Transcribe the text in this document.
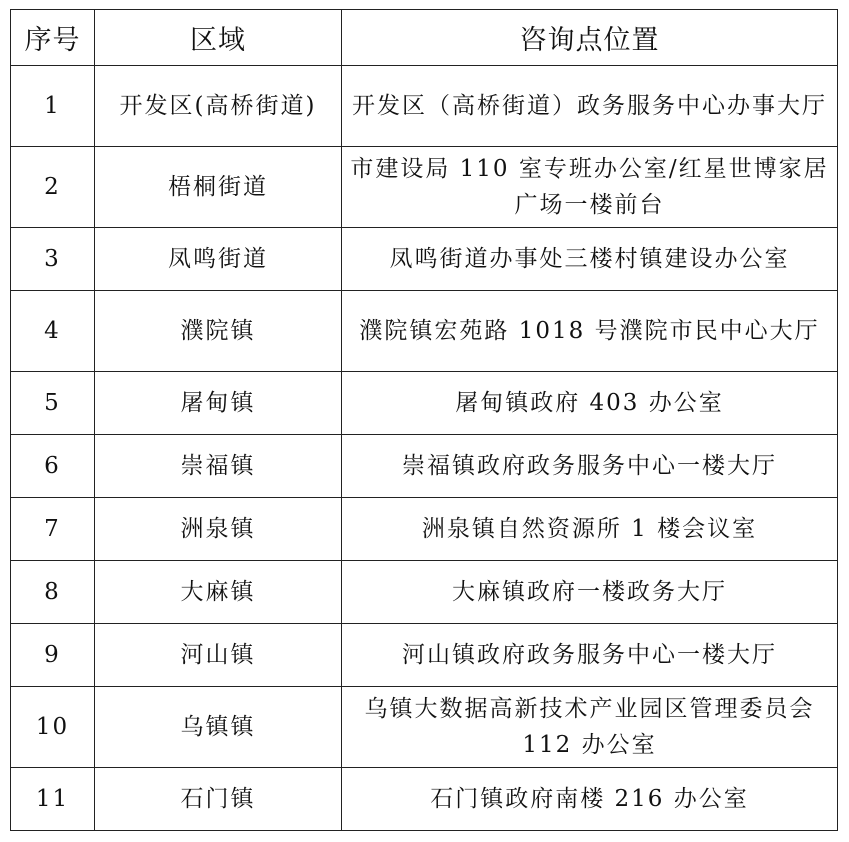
序号	区域	咨询点位置
1	开发区(高桥街道)	开发区（高桥街道）政务服务中心办事大厅
2	梧桐街道	市建设局 110 室专班办公室/红星世博家居广场一楼前台
3	凤鸣街道	凤鸣街道办事处三楼村镇建设办公室
4	濮院镇	濮院镇宏苑路 1018 号濮院市民中心大厅
5	屠甸镇	屠甸镇政府 403 办公室
6	崇福镇	崇福镇政府政务服务中心一楼大厅
7	洲泉镇	洲泉镇自然资源所 1 楼会议室
8	大麻镇	大麻镇政府一楼政务大厅
9	河山镇	河山镇政府政务服务中心一楼大厅
10	乌镇镇	乌镇大数据高新技术产业园区管理委员会 112 办公室
11	石门镇	石门镇政府南楼 216 办公室
